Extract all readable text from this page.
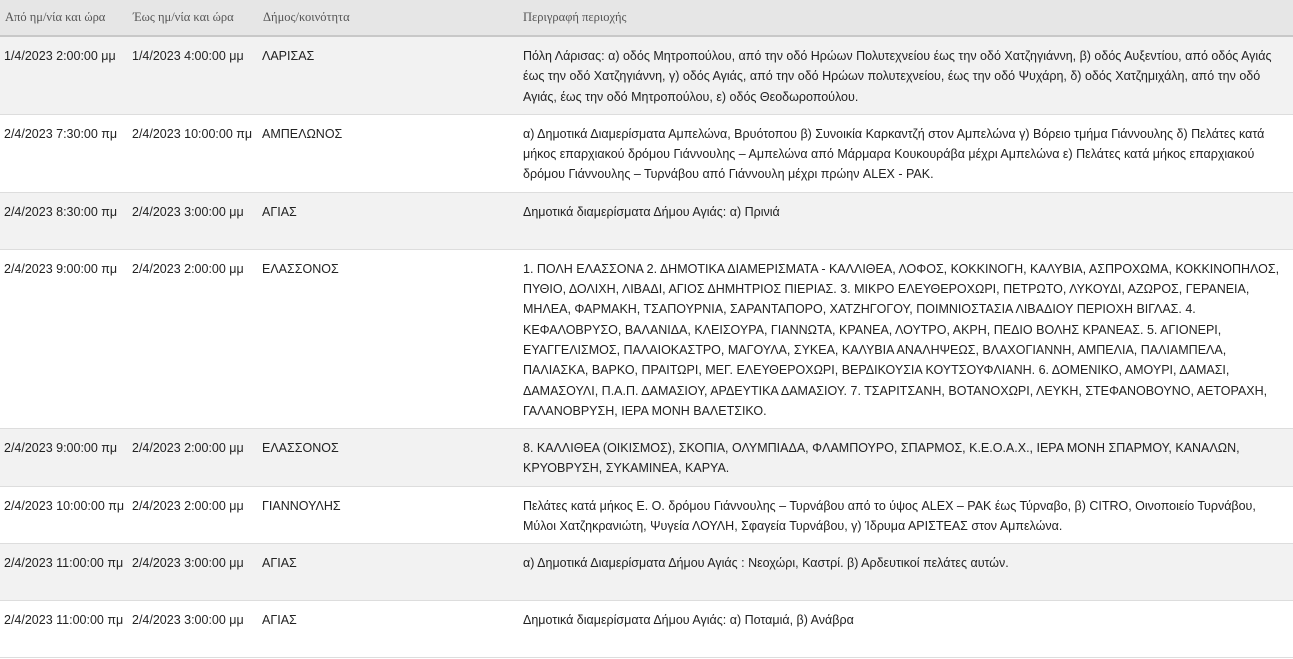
Από ημ/νία και ώρα	Έως ημ/νία και ώρα	Δήμος/κοινότητα	Περιγραφή περιοχής
1/4/2023 2:00:00 μμ	1/4/2023 4:00:00 μμ	ΛΑΡΙΣΑΣ	Πόλη Λάρισας: α) οδός Μητροπούλου, από την οδό Ηρώων Πολυτεχνείου έως την οδό Χατζηγιάννη, β) οδός Αυξεντίου, από οδός Αγιάς έως την οδό Χατζηγιάννη, γ) οδός Αγιάς, από την οδό Ηρώων πολυτεχνείου, έως την οδό Ψυχάρη, δ) οδός Χατζημιχάλη, από την οδό Αγιάς, έως την οδό Μητροπούλου, ε) οδός Θεοδωροπούλου.
2/4/2023 7:30:00 πμ	2/4/2023 10:00:00 πμ	ΑΜΠΕΛΩΝΟΣ	α) Δημοτικά Διαμερίσματα Αμπελώνα, Βρυότοπου β) Συνοικία Καρκαντζή στον Αμπελώνα γ) Βόρειο τμήμα Γιάννουλης δ) Πελάτες κατά μήκος επαρχιακού δρόμου Γιάννουλης – Αμπελώνα από Μάρμαρα Κουκουράβα μέχρι Αμπελώνα ε) Πελάτες κατά μήκος επαρχιακού δρόμου Γιάννουλης – Τυρνάβου από Γιάννουλη μέχρι πρώην ALEX - PAK.
2/4/2023 8:30:00 πμ	2/4/2023 3:00:00 μμ	ΑΓΙΑΣ	Δημοτικά διαμερίσματα Δήμου Αγιάς: α) Πρινιά
2/4/2023 9:00:00 πμ	2/4/2023 2:00:00 μμ	ΕΛΑΣΣΟΝΟΣ	1. ΠΟΛΗ ΕΛΑΣΣΟΝΑ 2. ΔΗΜΟΤΙΚΑ ΔΙΑΜΕΡΙΣΜΑΤΑ - ΚΑΛΛΙΘΕΑ, ΛΟΦΟΣ, ΚΟΚΚΙΝΟΓΗ, ΚΑΛΥΒΙΑ, ΑΣΠΡΟΧΩΜΑ, ΚΟΚΚΙΝΟΠΗΛΟΣ, ΠΥΘΙΟ, ΔΟΛΙΧΗ, ΛΙΒΑΔΙ, ΑΓΙΟΣ ΔΗΜΗΤΡΙΟΣ ΠΙΕΡΙΑΣ. 3. ΜΙΚΡΟ ΕΛΕΥΘΕΡΟΧΩΡΙ, ΠΕΤΡΩΤΟ, ΛΥΚΟΥΔΙ, ΑΖΩΡΟΣ, ΓΕΡΑΝΕΙΑ, ΜΗΛΕΑ, ΦΑΡΜΑΚΗ, ΤΣΑΠΟΥΡΝΙΑ, ΣΑΡΑΝΤΑΠΟΡΟ, ΧΑΤΖΗΓΟΓΟΥ, ΠΟΙΜΝΙΟΣΤΑΣΙΑ ΛΙΒΑΔΙΟΥ ΠΕΡΙΟΧΗ ΒΙΓΛΑΣ. 4. ΚΕΦΑΛΟΒΡΥΣΟ, ΒΑΛΑΝΙΔΑ, ΚΛΕΙΣΟΥΡΑ, ΓΙΑΝΝΩΤΑ, ΚΡΑΝΕΑ, ΛΟΥΤΡΟ, ΑΚΡΗ, ΠΕΔΙΟ ΒΟΛΗΣ ΚΡΑΝΕΑΣ. 5. ΑΓΙΟΝΕΡΙ, ΕΥΑΓΓΕΛΙΣΜΟΣ, ΠΑΛΑΙΟΚΑΣΤΡΟ, ΜΑΓΟΥΛΑ, ΣΥΚΕΑ, ΚΑΛΥΒΙΑ ΑΝΑΛΗΨΕΩΣ, ΒΛΑΧΟΓΙΑΝΝΗ, ΑΜΠΕΛΙΑ, ΠΑΛΙΑΜΠΕΛΑ, ΠΑΛΙΑΣΚΑ, ΒΑΡΚΟ, ΠΡΑΙΤΩΡΙ, ΜΕΓ. ΕΛΕΥΘΕΡΟΧΩΡΙ, ΒΕΡΔΙΚΟΥΣΙΑ ΚΟΥΤΣΟΥΦΛΙΑΝΗ. 6. ΔΟΜΕΝΙΚΟ, ΑΜΟΥΡΙ, ΔΑΜΑΣΙ, ΔΑΜΑΣΟΥΛΙ, Π.Α.Π. ΔΑΜΑΣΙΟΥ, ΑΡΔΕΥΤΙΚΑ ΔΑΜΑΣΙΟΥ. 7. ΤΣΑΡΙΤΣΑΝΗ, ΒΟΤΑΝΟΧΩΡΙ, ΛΕΥΚΗ, ΣΤΕΦΑΝΟΒΟΥΝΟ, ΑΕΤΟΡΑΧΗ, ΓΑΛΑΝΟΒΡΥΣΗ, ΙΕΡΑ ΜΟΝΗ ΒΑΛΕΤΣΙΚΟ.
2/4/2023 9:00:00 πμ	2/4/2023 2:00:00 μμ	ΕΛΑΣΣΟΝΟΣ	8. ΚΑΛΛΙΘΕΑ (ΟΙΚΙΣΜΟΣ), ΣΚΟΠΙΑ, ΟΛΥΜΠΙΑΔΑ, ΦΛΑΜΠΟΥΡΟ, ΣΠΑΡΜΟΣ, Κ.Ε.Ο.Α.Χ., ΙΕΡΑ ΜΟΝΗ ΣΠΑΡΜΟΥ, ΚΑΝΑΛΩΝ, ΚΡΥΟΒΡΥΣΗ, ΣΥΚΑΜΙΝΕΑ, ΚΑΡΥΑ.
2/4/2023 10:00:00 πμ	2/4/2023 2:00:00 μμ	ΓΙΑΝΝΟΥΛΗΣ	Πελάτες κατά μήκος Ε. Ο. δρόμου Γιάννουλης – Τυρνάβου από το ύψος ALEX – PAK έως Τύρναβο, β) CITRO, Οινοποιείο Τυρνάβου, Μύλοι Χατζηκρανιώτη, Ψυγεία ΛΟΥΛΗ, Σφαγεία Τυρνάβου, γ) Ίδρυμα ΑΡΙΣΤΕΑΣ στον Αμπελώνα.
2/4/2023 11:00:00 πμ	2/4/2023 3:00:00 μμ	ΑΓΙΑΣ	α) Δημοτικά Διαμερίσματα Δήμου Αγιάς : Νεοχώρι, Καστρί. β) Αρδευτικοί πελάτες αυτών.
2/4/2023 11:00:00 πμ	2/4/2023 3:00:00 μμ	ΑΓΙΑΣ	Δημοτικά διαμερίσματα Δήμου Αγιάς: α) Ποταμιά, β) Ανάβρα
